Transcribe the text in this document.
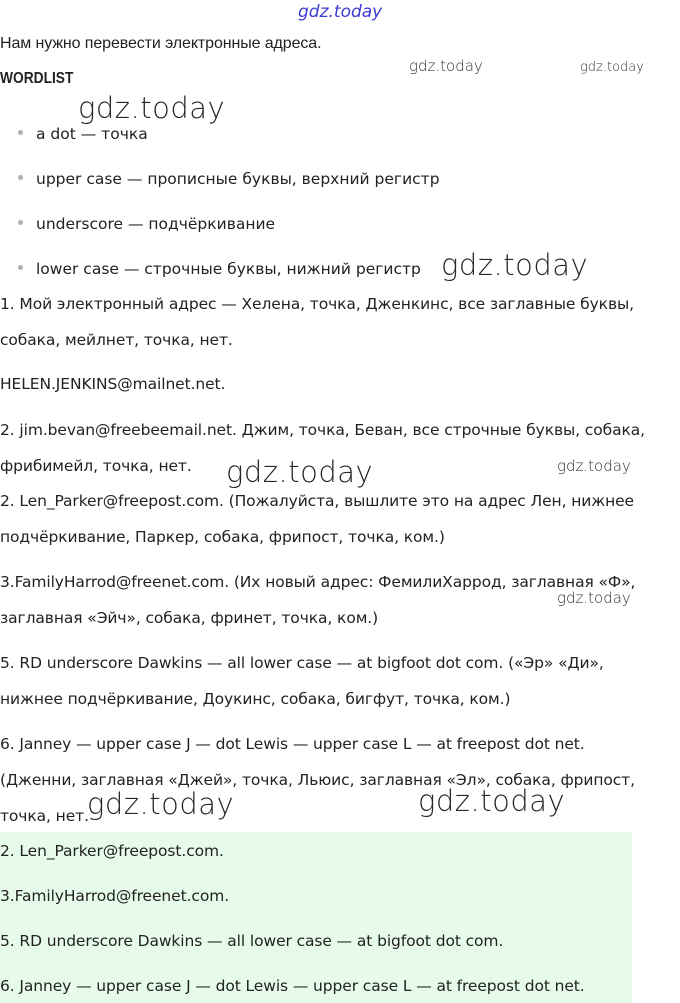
Нам нужно перевести электронные адреса.
WORDLIST
a dot — точка
upper case — прописные буквы, верхний регистр
underscore — подчёркивание
lower case — строчные буквы, нижний регистр
1. Мой электронный адрес — Хелена, точка, Дженкинс, все заглавные буквы,
собака, мейлнет, точка, нет.
HELEN.JENKINS@mailnet.net.
2. jim.bevan@freebeemail.net. Джим, точка, Беван, все строчные буквы, собака,
фрибимейл, точка, нет.
2. Len_Parker@freepost.com. (Пожалуйста, вышлите это на адрес Лен, нижнее
подчёркивание, Паркер, собака, фрипост, точка, ком.)
3.FamilyHarrod@freenet.com. (Их новый адрес: ФемилиХаррод, заглавная «Ф»,
заглавная «Эйч», собака, фринет, точка, ком.)
5. RD underscore Dawkins — all lower case — at bigfoot dot com. («Эр» «Ди»,
нижнее подчёркивание, Доукинс, собака, бигфут, точка, ком.)
6. Janney — upper case J — dot Lewis — upper case L — at freepost dot net.
(Дженни, заглавная «Джей», точка, Льюис, заглавная «Эл», собака, фрипост,
точка, нет.
2. Len_Parker@freepost.com.
3.FamilyHarrod@freenet.com.
5. RD underscore Dawkins — all lower case — at bigfoot dot com.
6. Janney — upper case J — dot Lewis — upper case L — at freepost dot net.
gdz.today
gdz.today	gdz.today
gdz.today
gdz.today
gdz.today	gdz.today
gdz.today
gdz.today	gdz.today
